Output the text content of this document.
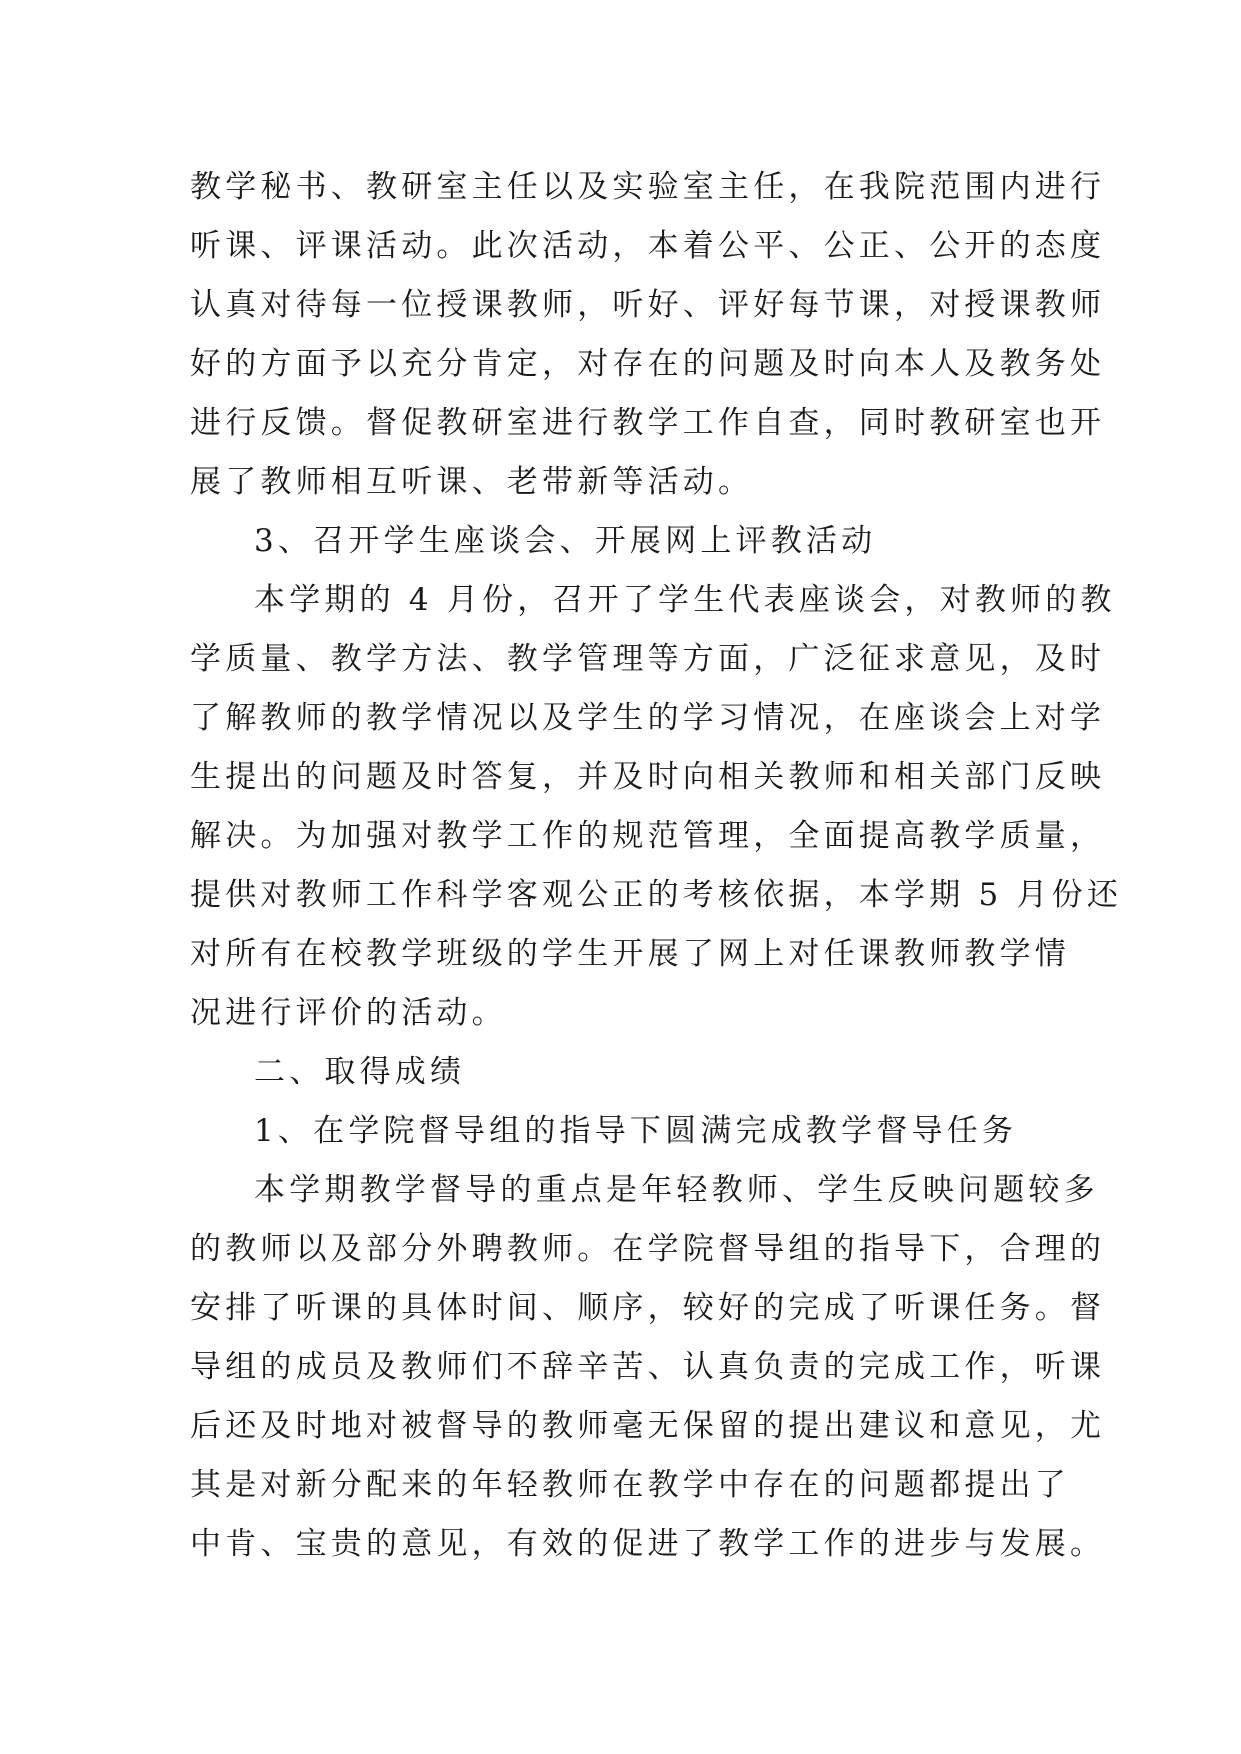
教学秘书、教研室主任以及实验室主任，在我院范围内进行
听课、评课活动。此次活动，本着公平、公正、公开的态度
认真对待每一位授课教师，听好、评好每节课，对授课教师
好的方面予以充分肯定，对存在的问题及时向本人及教务处
进行反馈。督促教研室进行教学工作自查，同时教研室也开
展了教师相互听课、老带新等活动。
3、召开学生座谈会、开展网上评教活动
本学期的 4 月份，召开了学生代表座谈会，对教师的教
学质量、教学方法、教学管理等方面，广泛征求意见，及时
了解教师的教学情况以及学生的学习情况，在座谈会上对学
生提出的问题及时答复，并及时向相关教师和相关部门反映
解决。为加强对教学工作的规范管理，全面提高教学质量，
提供对教师工作科学客观公正的考核依据，本学期 5 月份还
对所有在校教学班级的学生开展了网上对任课教师教学情
况进行评价的活动。
二、取得成绩
1、在学院督导组的指导下圆满完成教学督导任务
本学期教学督导的重点是年轻教师、学生反映问题较多
的教师以及部分外聘教师。在学院督导组的指导下，合理的
安排了听课的具体时间、顺序，较好的完成了听课任务。督
导组的成员及教师们不辞辛苦、认真负责的完成工作，听课
后还及时地对被督导的教师毫无保留的提出建议和意见，尤
其是对新分配来的年轻教师在教学中存在的问题都提出了
中肯、宝贵的意见，有效的促进了教学工作的进步与发展。
